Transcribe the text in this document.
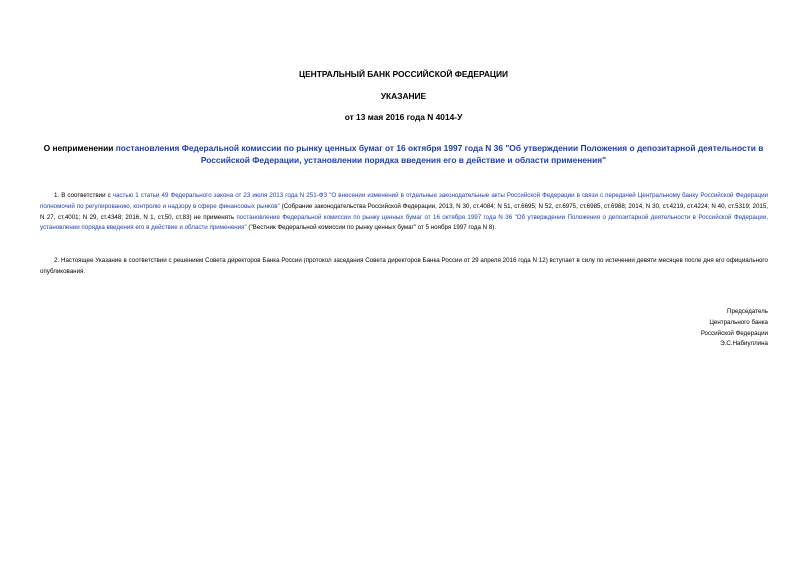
ЦЕНТРАЛЬНЫЙ БАНК РОССИЙСКОЙ ФЕДЕРАЦИИ
УКАЗАНИЕ
от 13 мая 2016 года N 4014-У
О неприменении постановления Федеральной комиссии по рынку ценных бумаг от 16 октября 1997 года N 36 "Об утверждении Положения о депозитарной деятельности в Российской Федерации, установлении порядка введения его в действие и области применения"
1. В соответствии с частью 1 статьи 49 Федерального закона от 23 июля 2013 года N 251-ФЗ "О внесении изменений в отдельные законодательные акты Российской Федерации в связи с передачей Центральному банку Российской Федерации полномочий по регулированию, контролю и надзору в сфере финансовых рынков" (Собрание законодательства Российской Федерации, 2013, N 30, ст.4084; N 51, ст.6695; N 52, ст.6975, ст.6985, ст.6988; 2014, N 30, ст.4219, ст.4224; N 40, ст.5319; 2015, N 27, ст.4001; N 29, ст.4348; 2016, N 1, ст.50, ст.83) не применять постановление Федеральной комиссии по рынку ценных бумаг от 16 октября 1997 года N 36 "Об утверждении Положения о депозитарной деятельности в Российской Федерации, установлении порядка введения его в действие и области применения" ("Вестник Федеральной комиссии по рынку ценных бумаг" от 5 ноября 1997 года N 8).
2. Настоящее Указание в соответствии с решением Совета директоров Банка России (протокол заседания Совета директоров Банка России от 29 апреля 2016 года N 12) вступает в силу по истечении девяти месяцев после дня его официального опубликования.
Председатель
Центрального банка
Российской Федерации
Э.С.Набиуллина
